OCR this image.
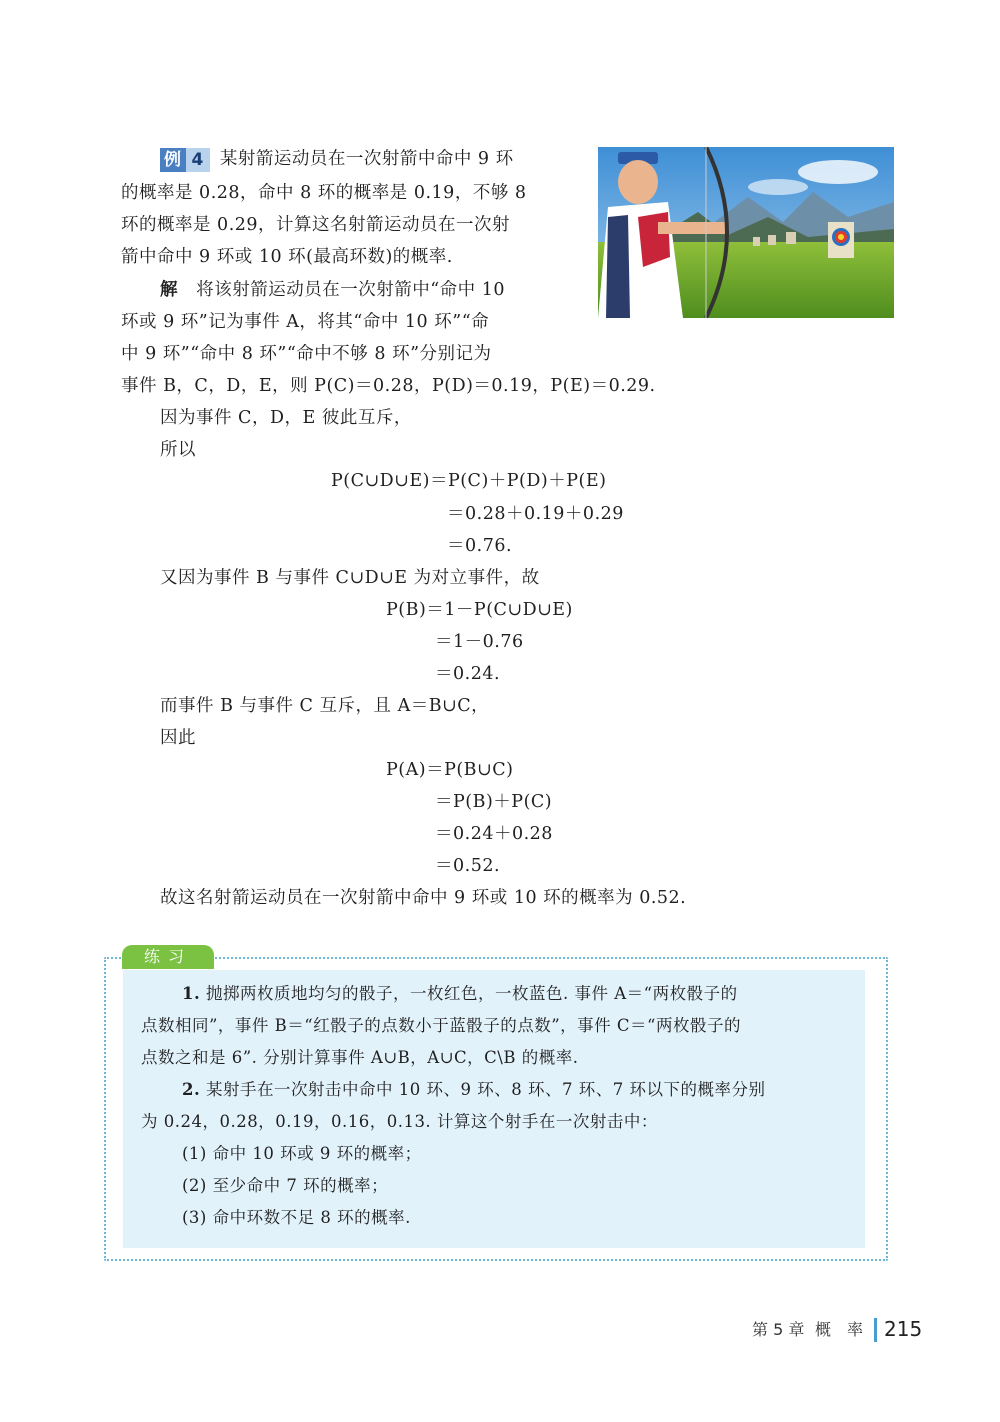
例 4 某射箭运动员在一次射箭中命中 9 环
的概率是 0.28，命中 8 环的概率是 0.19，不够 8
环的概率是 0.29，计算这名射箭运动员在一次射
箭中命中 9 环或 10 环(最高环数)的概率.
解 将该射箭运动员在一次射箭中“命中 10
环或 9 环”记为事件 A，将其“命中 10 环”“命
中 9 环”“命中 8 环”“命中不够 8 环”分别记为
事件 B，C，D，E，则 P(C)＝0.28，P(D)＝0.19，P(E)＝0.29.
因为事件 C，D，E 彼此互斥，
所以
P(C∪D∪E)＝P(C)＋P(D)＋P(E)
＝0.28＋0.19＋0.29
＝0.76.
又因为事件 B 与事件 C∪D∪E 为对立事件，故
P(B)＝1－P(C∪D∪E)
＝1－0.76
＝0.24.
而事件 B 与事件 C 互斥，且 A＝B∪C，
因此
P(A)＝P(B∪C)
＝P(B)＋P(C)
＝0.24＋0.28
＝0.52.
故这名射箭运动员在一次射箭中命中 9 环或 10 环的概率为 0.52.
练习
1. 抛掷两枚质地均匀的骰子，一枚红色，一枚蓝色. 事件 A＝“两枚骰子的
点数相同”，事件 B＝“红骰子的点数小于蓝骰子的点数”，事件 C＝“两枚骰子的
点数之和是 6”. 分别计算事件 A∪B，A∪C，C\B 的概率.
2. 某射手在一次射击中命中 10 环、9 环、8 环、7 环、7 环以下的概率分别
为 0.24，0.28，0.19，0.16，0.13. 计算这个射手在一次射击中：
(1) 命中 10 环或 9 环的概率；
(2) 至少命中 7 环的概率；
(3) 命中环数不足 8 环的概率.
第 5 章 概　率 215
